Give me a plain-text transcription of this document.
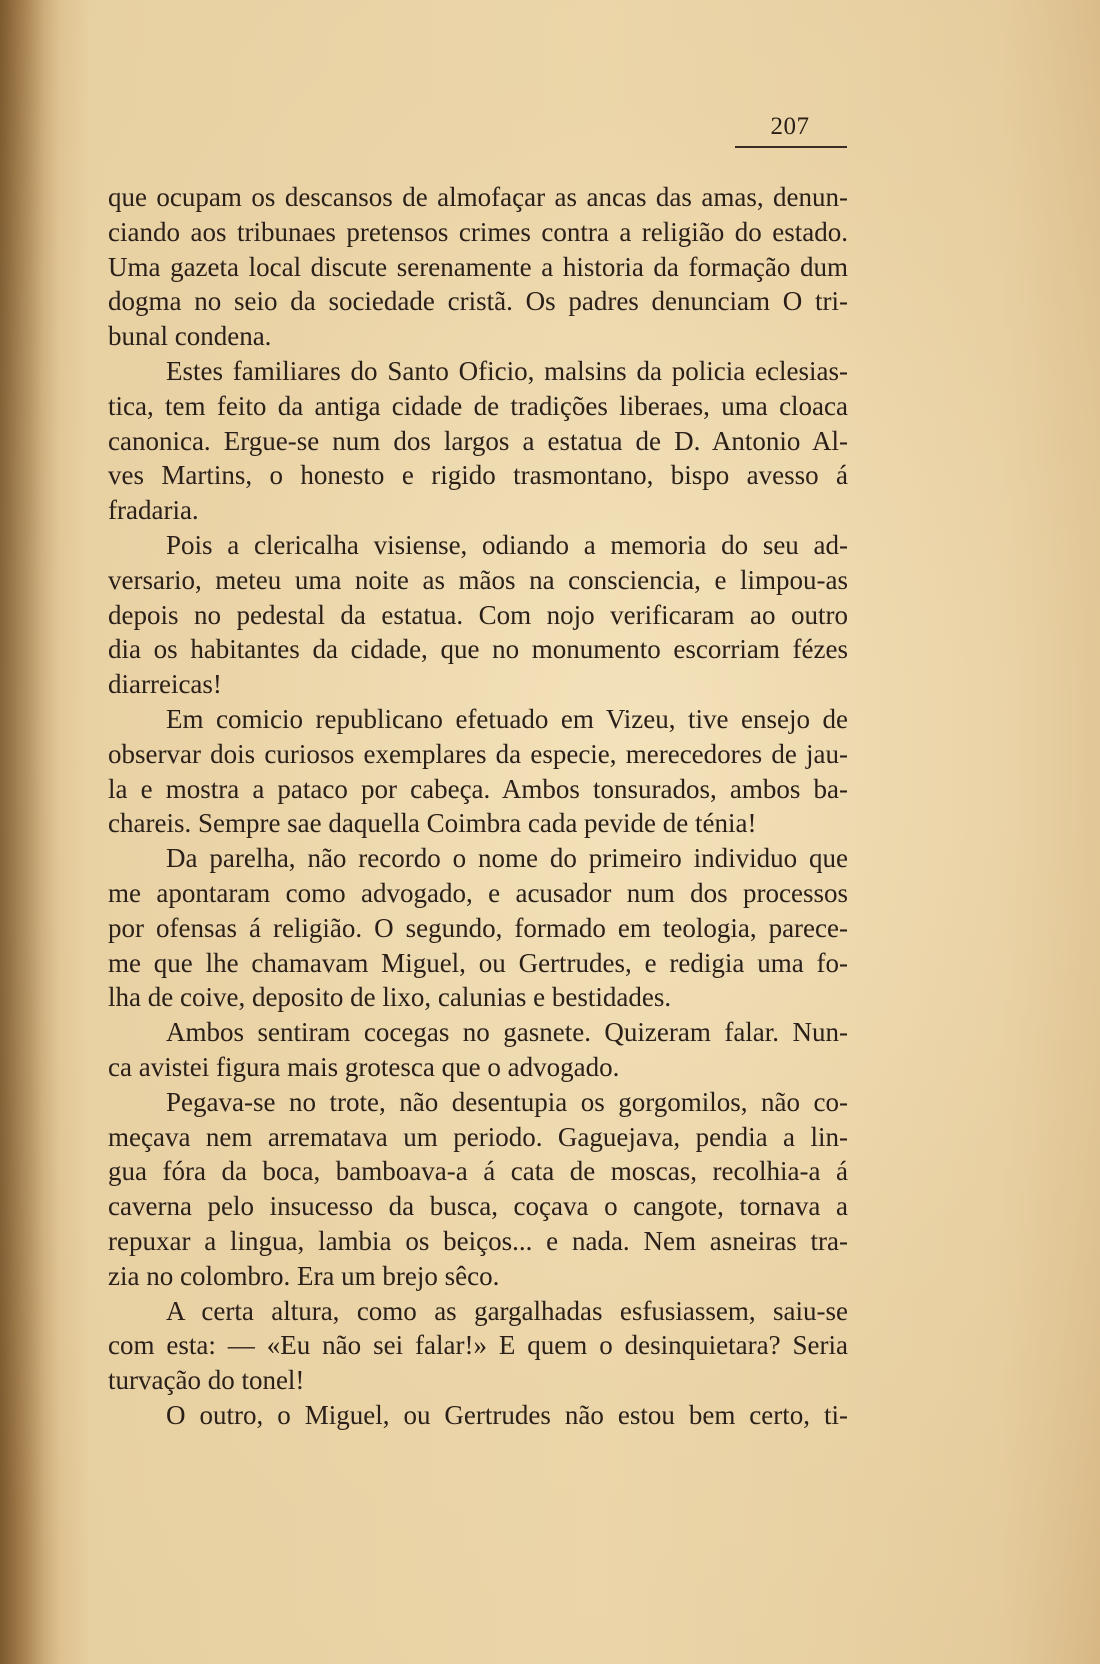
207
que ocupam os descansos de almofaçar as ancas das amas, denun-
ciando aos tribunaes pretensos crimes contra a religião do estado.
Uma gazeta local discute serenamente a historia da formação dum
dogma no seio da sociedade cristã. Os padres denunciam O tri-
bunal condena.
Estes familiares do Santo Oficio, malsins da policia eclesias-
tica, tem feito da antiga cidade de tradições liberaes, uma cloaca
canonica. Ergue-se num dos largos a estatua de D. Antonio Al-
ves Martins, o honesto e rigido trasmontano, bispo avesso á
fradaria.
Pois a clericalha visiense, odiando a memoria do seu ad-
versario, meteu uma noite as mãos na consciencia, e limpou-as
depois no pedestal da estatua. Com nojo verificaram ao outro
dia os habitantes da cidade, que no monumento escorriam fézes
diarreicas!
Em comicio republicano efetuado em Vizeu, tive ensejo de
observar dois curiosos exemplares da especie, merecedores de jau-
la e mostra a pataco por cabeça. Ambos tonsurados, ambos ba-
chareis. Sempre sae daquella Coimbra cada pevide de ténia!
Da parelha, não recordo o nome do primeiro individuo que
me apontaram como advogado, e acusador num dos processos
por ofensas á religião. O segundo, formado em teologia, parece-
me que lhe chamavam Miguel, ou Gertrudes, e redigia uma fo-
lha de coive, deposito de lixo, calunias e bestidades.
Ambos sentiram cocegas no gasnete. Quizeram falar. Nun-
ca avistei figura mais grotesca que o advogado.
Pegava-se no trote, não desentupia os gorgomilos, não co-
meçava nem arrematava um periodo. Gaguejava, pendia a lin-
gua fóra da boca, bamboava-a á cata de moscas, recolhia-a á
caverna pelo insucesso da busca, coçava o cangote, tornava a
repuxar a lingua, lambia os beiços... e nada. Nem asneiras tra-
zia no colombro. Era um brejo sêco.
A certa altura, como as gargalhadas esfusiassem, saiu-se
com esta: — «Eu não sei falar!» E quem o desinquietara? Seria
turvação do tonel!
O outro, o Miguel, ou Gertrudes não estou bem certo, ti-
